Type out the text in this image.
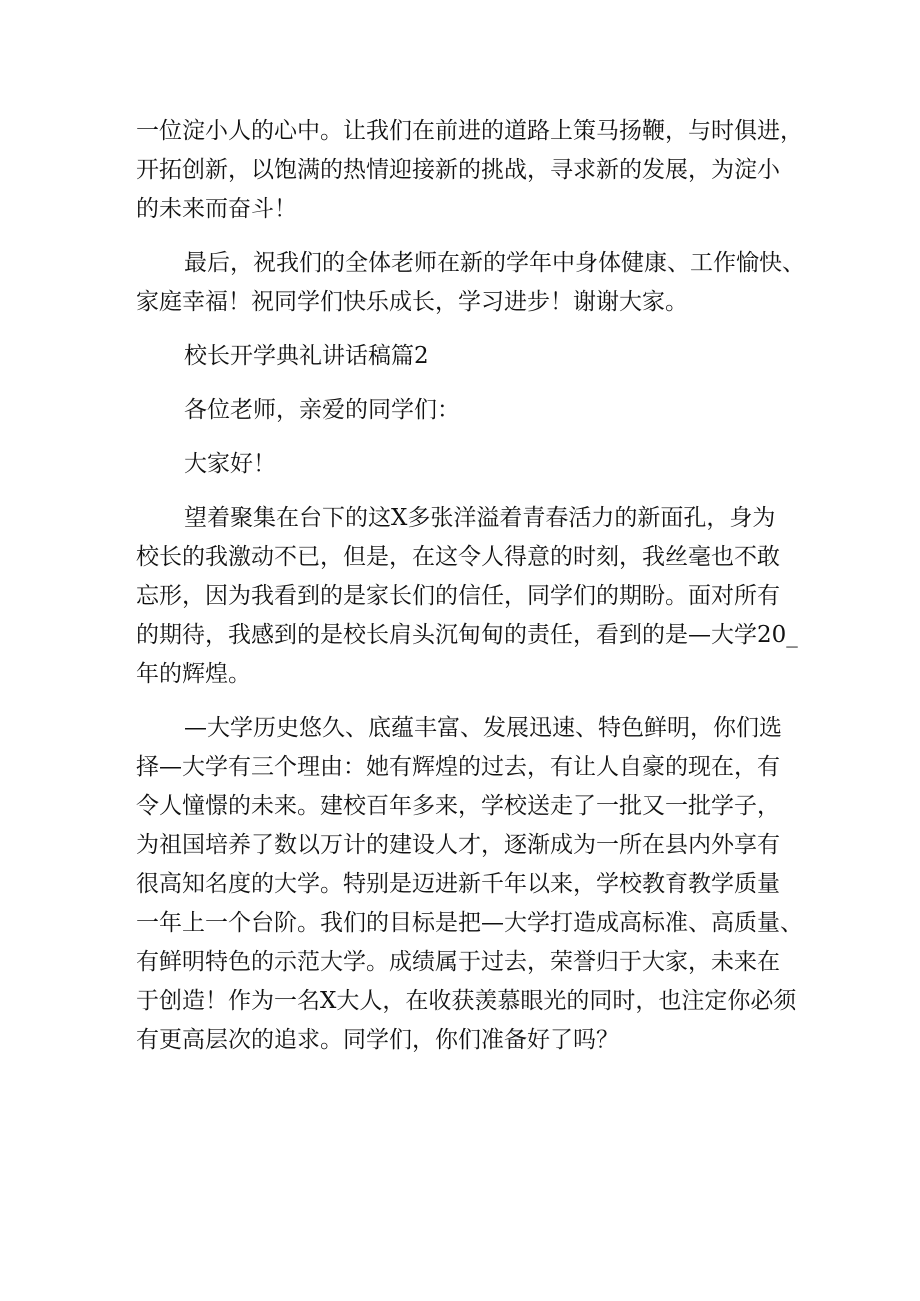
一位淀小人的心中。让我们在前进的道路上策马扬鞭，与时俱进，

开拓创新，以饱满的热情迎接新的挑战，寻求新的发展，为淀小

的未来而奋斗！

最后，祝我们的全体老师在新的学年中身体健康、工作愉快、

家庭幸福！祝同学们快乐成长，学习进步！谢谢大家。

校长开学典礼讲话稿篇2

各位老师，亲爱的同学们：

大家好！

望着聚集在台下的这X多张洋溢着青春活力的新面孔，身为

校长的我激动不已，但是，在这令人得意的时刻，我丝毫也不敢

忘形，因为我看到的是家长们的信任，同学们的期盼。面对所有

的期待，我感到的是校长肩头沉甸甸的责任，看到的是—大学20_

年的辉煌。

—大学历史悠久、底蕴丰富、发展迅速、特色鲜明，你们选

择—大学有三个理由：她有辉煌的过去，有让人自豪的现在，有

令人憧憬的未来。建校百年多来，学校送走了一批又一批学子，

为祖国培养了数以万计的建设人才，逐渐成为一所在县内外享有

很高知名度的大学。特别是迈进新千年以来，学校教育教学质量

一年上一个台阶。我们的目标是把—大学打造成高标准、高质量、

有鲜明特色的示范大学。成绩属于过去，荣誉归于大家，未来在

于创造！作为一名X大人，在收获羡慕眼光的同时，也注定你必须

有更高层次的追求。同学们，你们准备好了吗？
